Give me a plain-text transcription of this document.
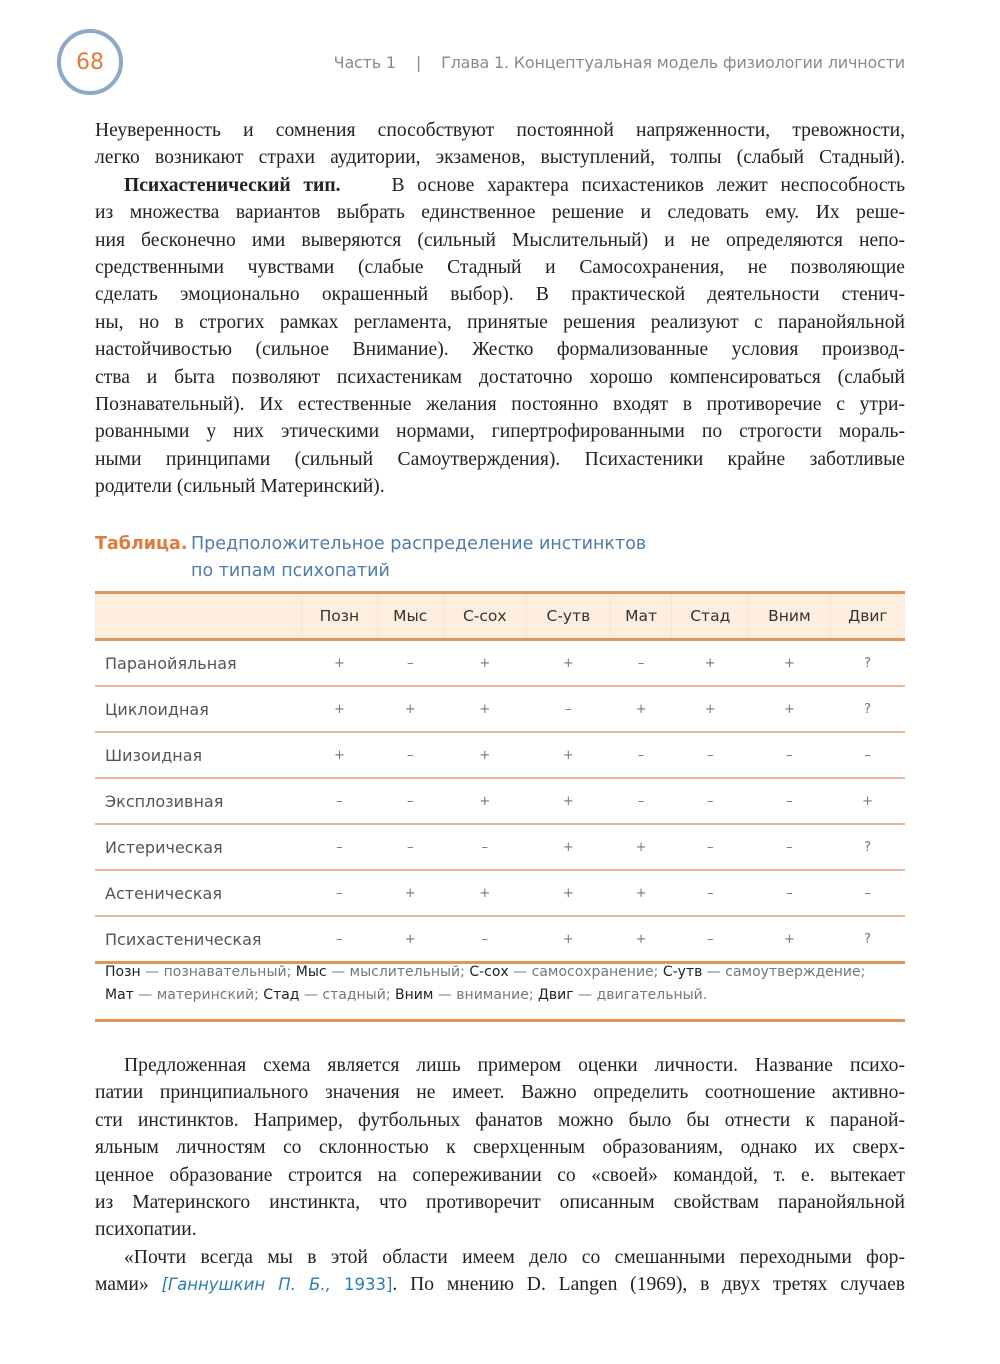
68	Часть 1 | Глава 1. Концептуальная модель физиологии личности

Неуверенность и сомнения способствуют постоянной напряженности, тревожности,
легко возникают страхи аудитории, экзаменов, выступлений, толпы (слабый Стадный).

Психастенический тип.	В основе характера психастеников лежит неспособность
из множества вариантов выбрать единственное решение и следовать ему. Их реше-
ния бесконечно ими выверяются (сильный Мыслительный) и не определяются непо-
средственными чувствами (слабые Стадный и Самосохранения, не позволяющие
сделать эмоционально окрашенный выбор). В практической деятельности стенич-
ны, но в строгих рамках регламента, принятые решения реализуют с паранойяльной
настойчивостью (сильное Внимание). Жестко формализованные условия производ-
ства и быта позволяют психастеникам достаточно хорошо компенсироваться (слабый
Познавательный). Их естественные желания постоянно входят в противоречие с утри-
рованными у них этическими нормами, гипертрофированными по строгости мораль-
ными принципами (сильный Самоутверждения). Психастеники крайне заботливые
родители (сильный Материнский).

Таблица. Предположительное распределение инстинктов
по типам психопатий
	Позн	Мыс	С-сох	С-утв	Мат	Стад	Вним	Двиг
Паранойяльная	+	–	+	+	–	+	+	?
Циклоидная	+	+	+	–	+	+	+	?
Шизоидная	+	–	+	+	–	–	–	–
Эксплозивная	–	–	+	+	–	–	–	+
Истерическая	–	–	–	+	+	–	–	?
Астеническая	–	+	+	+	+	–	–	–
Психастеническая	–	+	–	+	+	–	+	?
Позн — познавательный; Мыс — мыслительный; С-сох — самосохранение; С-утв — самоутверждение;
Мат — материнский; Стад — стадный; Вним — внимание; Двиг — двигательный.

Предложенная схема является лишь примером оценки личности. Название психо-
патии принципиального значения не имеет. Важно определить соотношение активно-
сти инстинктов. Например, футбольных фанатов можно было бы отнести к параной-
яльным личностям со склонностью к сверхценным образованиям, однако их сверх-
ценное образование строится на сопереживании со «своей» командой, т. е. вытекает
из Материнского инстинкта, что противоречит описанным свойствам паранойяльной
психопатии.

«Почти всегда мы в этой области имеем дело со смешанными переходными фор-
мами» [Ганнушкин П. Б., 1933]. По мнению D. Langen (1969), в двух третях случаев
